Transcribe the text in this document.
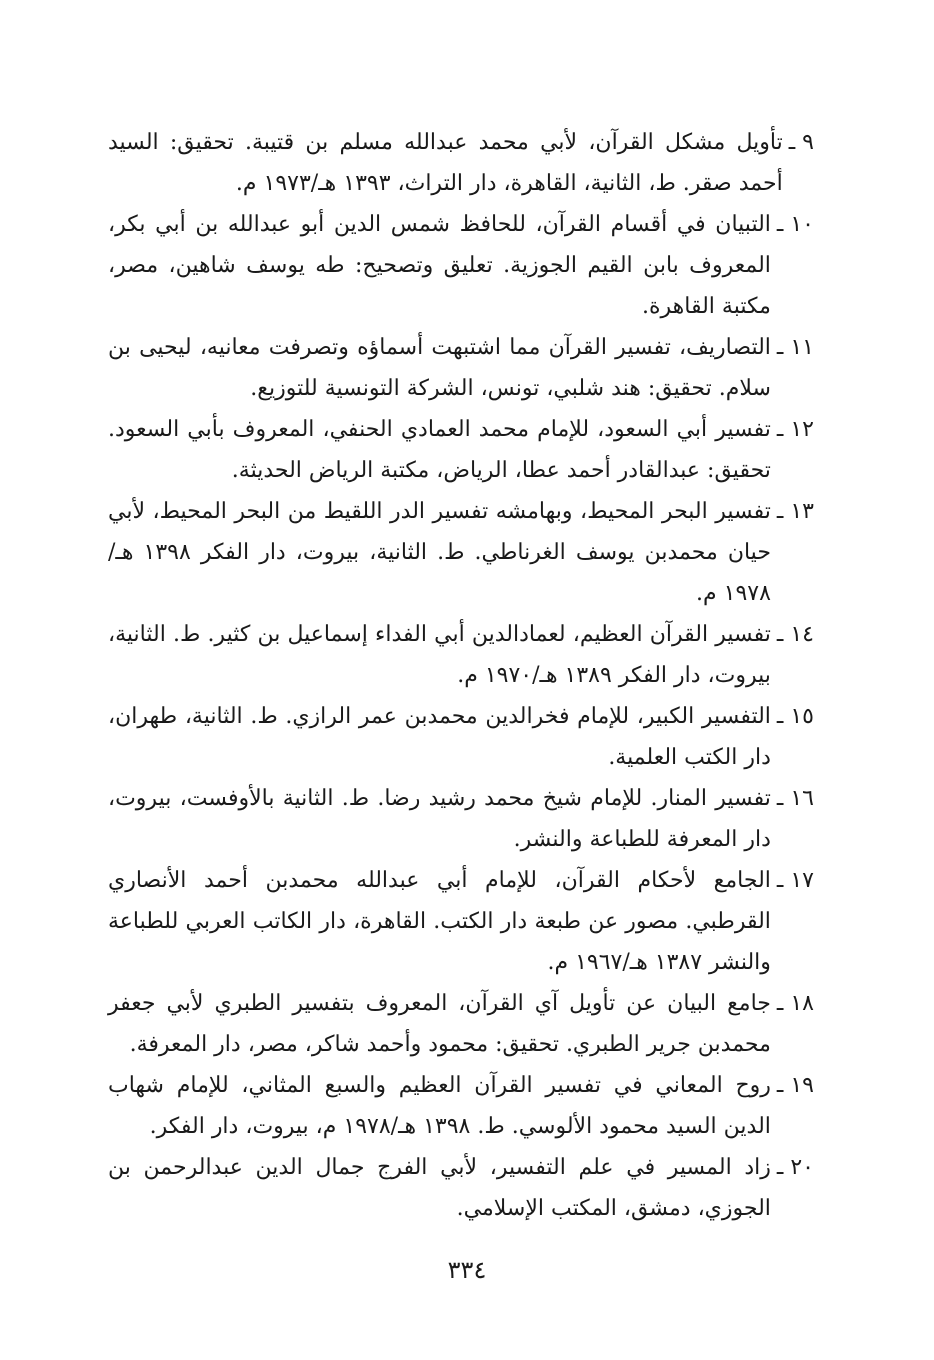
٩ ـ
تأويل مشكل القرآن، لأبي محمد عبدالله مسلم بن قتيبة. تحقيق: السيد أحمد صقر. ط، الثانية، القاهرة، دار التراث، ١٣٩٣ هـ/١٩٧٣ م.
١٠ ـ
التبيان في أقسام القرآن، للحافظ شمس الدين أبو عبدالله بن أبي بكر، المعروف بابن القيم الجوزية. تعليق وتصحيح: طه يوسف شاهين، مصر، مكتبة القاهرة.
١١ ـ
التصاريف، تفسير القرآن مما اشتبهت أسماؤه وتصرفت معانيه، ليحيى بن سلام. تحقيق: هند شلبي، تونس، الشركة التونسية للتوزيع.
١٢ ـ
تفسير أبي السعود، للإمام محمد العمادي الحنفي، المعروف بأبي السعود. تحقيق: عبدالقادر أحمد عطا، الرياض، مكتبة الرياض الحديثة.
١٣ ـ
تفسير البحر المحيط، وبهامشه تفسير الدر اللقيط من البحر المحيط، لأبي حيان محمدبن يوسف الغرناطي. ط. الثانية، بيروت، دار الفكر ١٣٩٨ هـ/١٩٧٨ م.
١٤ ـ
تفسير القرآن العظيم، لعمادالدين أبي الفداء إسماعيل بن كثير. ط. الثانية، بيروت، دار الفكر ١٣٨٩ هـ/١٩٧٠ م.
١٥ ـ
التفسير الكبير، للإمام فخرالدين محمدبن عمر الرازي. ط. الثانية، طهران، دار الكتب العلمية.
١٦ ـ
تفسير المنار. للإمام شيخ محمد رشيد رضا. ط. الثانية بالأوفست، بيروت، دار المعرفة للطباعة والنشر.
١٧ ـ
الجامع لأحكام القرآن، للإمام أبي عبدالله محمدبن أحمد الأنصاري القرطبي. مصور عن طبعة دار الكتب. القاهرة، دار الكاتب العربي للطباعة والنشر ١٣٨٧ هـ/١٩٦٧ م.
١٨ ـ
جامع البيان عن تأويل آي القرآن، المعروف بتفسير الطبري لأبي جعفر محمدبن جرير الطبري. تحقيق: محمود وأحمد شاكر، مصر، دار المعرفة.
١٩ ـ
روح المعاني في تفسير القرآن العظيم والسبع المثاني، للإمام شهاب الدين السيد محمود الألوسي. ط. ١٣٩٨ هـ/١٩٧٨ م، بيروت، دار الفكر.
٢٠ ـ
زاد المسير في علم التفسير، لأبي الفرج جمال الدين عبدالرحمن بن الجوزي، دمشق، المكتب الإسلامي.
٣٣٤
